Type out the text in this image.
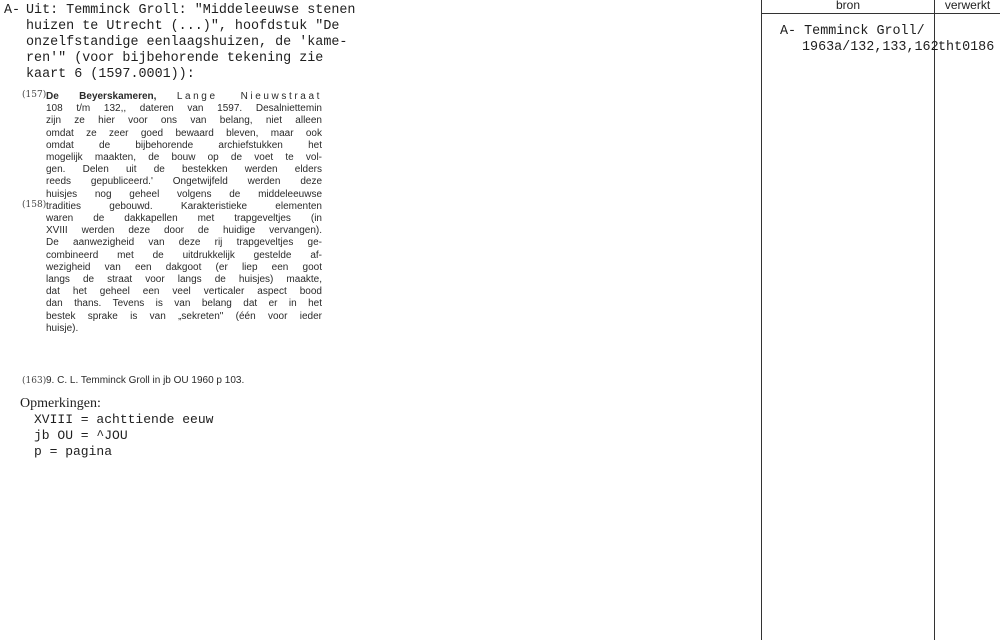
A- Uit: Temminck Groll: "Middeleeuwse stenen
huizen te Utrecht (...)", hoofdstuk "De
onzelfstandige eenlaagshuizen, de 'kame-
ren'" (voor bijbehorende tekening zie
kaart 6 (1597.0001)):
(157) De Beyerskameren, Lange Nieuwstraat
108 t/m 132,, dateren van 1597. Desalniettemin
zijn ze hier voor ons van belang, niet alleen
omdat ze zeer goed bewaard bleven, maar ook
omdat de bijbehorende archiefstukken het
mogelijk maakten, de bouw op de voet te vol-
gen. Delen uit de bestekken werden elders
reeds gepubliceerd.' Ongetwijfeld werden deze
huisjes nog geheel volgens de middeleeuwse
(158) tradities gebouwd. Karakteristieke elementen
waren de dakkapellen met trapgeveltjes (in
XVIII werden deze door de huidige vervangen).
De aanwezigheid van deze rij trapgeveltjes ge-
combineerd met de uitdrukkelijk gestelde af-
wezigheid van een dakgoot (er liep een goot
langs de straat voor langs de huisjes) maakte,
dat het geheel een veel verticaler aspect bood
dan thans. Tevens is van belang dat er in het
bestek sprake is van „sekreten" (één voor ieder
huisje).
(163)9. C. L. Temminck Groll in jb OU 1960 p 103.
Opmerkingen:
XVIII = achttiende eeuw
jb OU = ^JOU
p = pagina
bron	verwerkt
A- Temminck Groll/
1963a/132,133,162 tht0186
